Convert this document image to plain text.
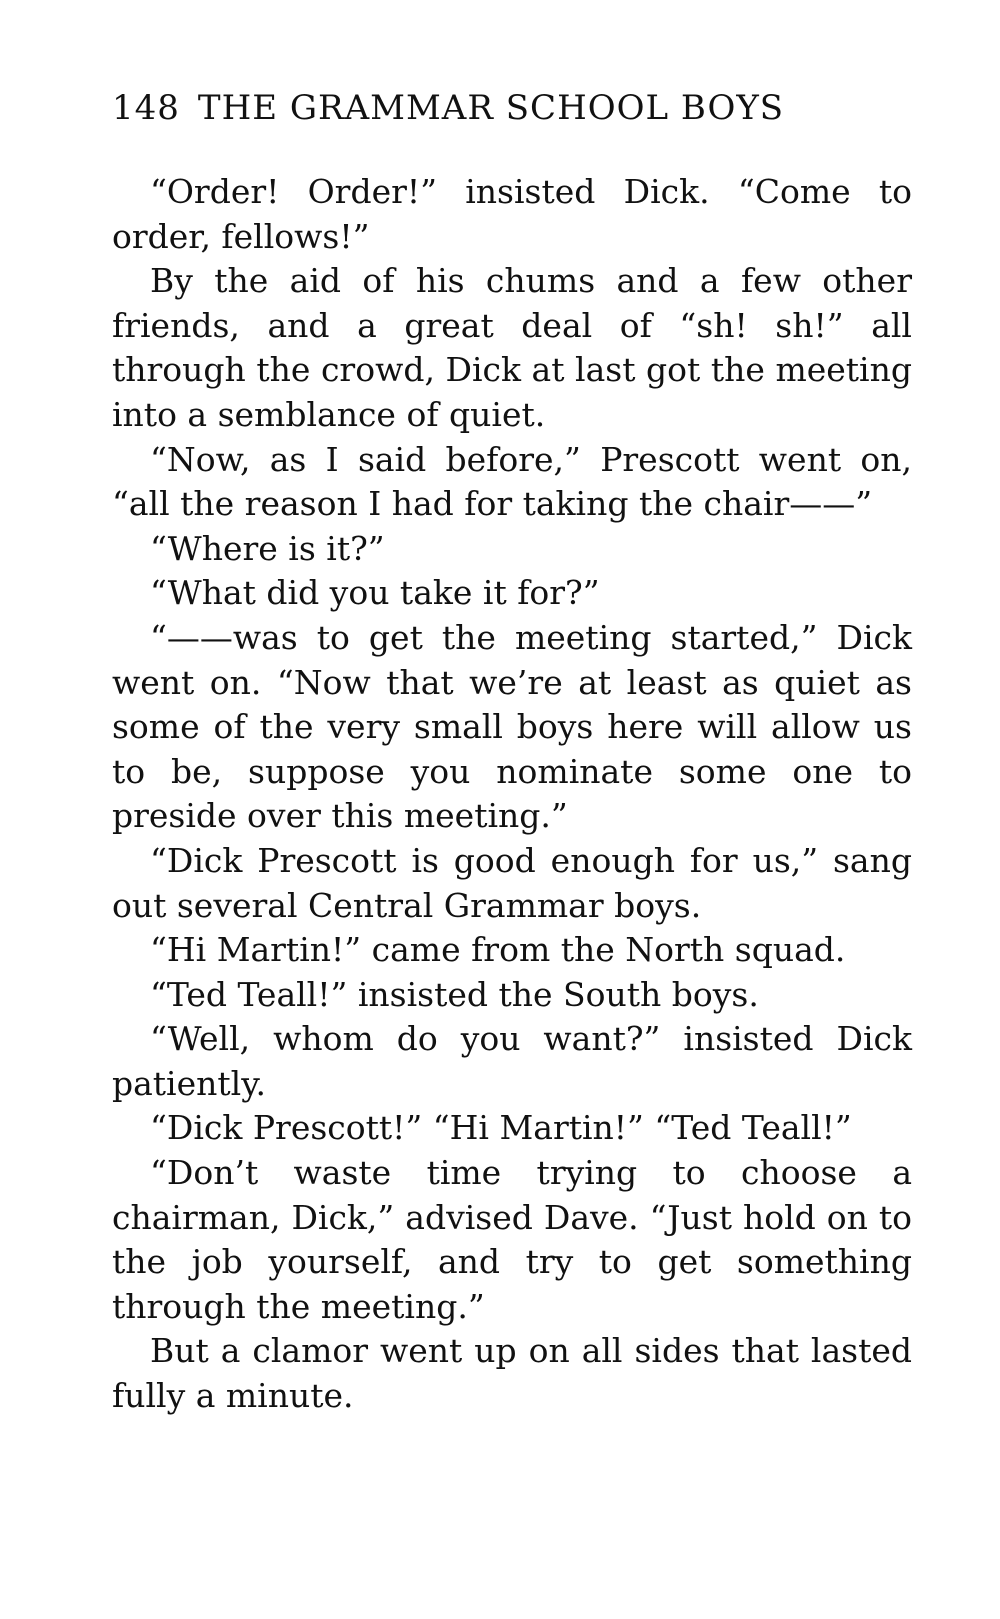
148 THE GRAMMAR SCHOOL BOYS

“Order! Order!” insisted Dick. “Come to order, fellows!”

By the aid of his chums and a few other friends, and a great deal of “sh! sh!” all through the crowd, Dick at last got the meeting into a semblance of quiet.

“Now, as I said before,” Prescott went on, “all the reason I had for taking the chair——”

“Where is it?”

“What did you take it for?”

“——was to get the meeting started,” Dick went on. “Now that we’re at least as quiet as some of the very small boys here will allow us to be, suppose you nominate some one to preside over this meeting.”

“Dick Prescott is good enough for us,” sang out several Central Grammar boys.

“Hi Martin!” came from the North squad.

“Ted Teall!” insisted the South boys.

“Well, whom do you want?” insisted Dick patiently.

“Dick Prescott!” “Hi Martin!” “Ted Teall!”

“Don’t waste time trying to choose a chairman, Dick,” advised Dave. “Just hold on to the job yourself, and try to get something through the meeting.”

But a clamor went up on all sides that lasted fully a minute.
